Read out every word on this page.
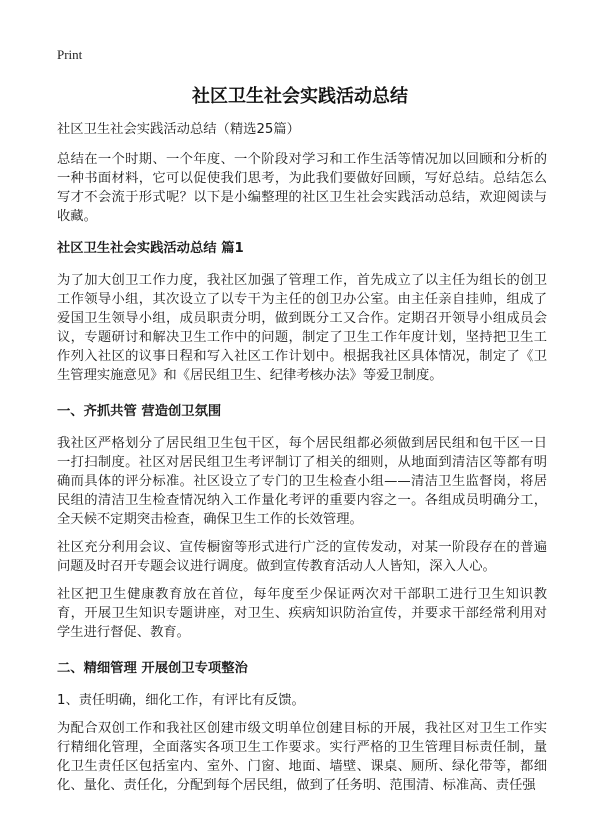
Print
社区卫生社会实践活动总结

社区卫生社会实践活动总结（精选25篇）

总结在一个时期、一个年度、一个阶段对学习和工作生活等情况加以回顾和分析的一种书面材料，它可以促使我们思考，为此我们要做好回顾，写好总结。总结怎么写才不会流于形式呢？以下是小编整理的社区卫生社会实践活动总结，欢迎阅读与收藏。

社区卫生社会实践活动总结 篇1

为了加大创卫工作力度，我社区加强了管理工作，首先成立了以主任为组长的创卫工作领导小组，其次设立了以专干为主任的创卫办公室。由主任亲自挂帅，组成了爱国卫生领导小组，成员职责分明，做到既分工又合作。定期召开领导小组成员会议，专题研讨和解决卫生工作中的问题，制定了卫生工作年度计划，坚持把卫生工作列入社区的议事日程和写入社区工作计划中。根据我社区具体情况，制定了《卫生管理实施意见》和《居民组卫生、纪律考核办法》等爱卫制度。

一、齐抓共管 营造创卫氛围

我社区严格划分了居民组卫生包干区，每个居民组都必须做到居民组和包干区一日一打扫制度。社区对居民组卫生考评制订了相关的细则，从地面到清洁区等都有明确而具体的评分标准。社区设立了专门的卫生检查小组——清洁卫生监督岗，将居民组的清洁卫生检查情况纳入工作量化考评的重要内容之一。各组成员明确分工，全天候不定期突击检查，确保卫生工作的长效管理。

社区充分利用会议、宣传橱窗等形式进行广泛的宣传发动，对某一阶段存在的普遍问题及时召开专题会议进行调度。做到宣传教育活动人人皆知，深入人心。

社区把卫生健康教育放在首位，每年度至少保证两次对干部职工进行卫生知识教育，开展卫生知识专题讲座，对卫生、疾病知识防治宣传，并要求干部经常利用对学生进行督促、教育。

二、精细管理 开展创卫专项整治

1、责任明确，细化工作，有评比有反馈。

为配合双创工作和我社区创建市级文明单位创建目标的开展，我社区对卫生工作实行精细化管理，全面落实各项卫生工作要求。实行严格的卫生管理目标责任制，量化卫生责任区包括室内、室外、门窗、地面、墙壁、课桌、厕所、绿化带等，都细化、量化、责任化，分配到每个居民组，做到了任务明、范围清、标准高、责任强
